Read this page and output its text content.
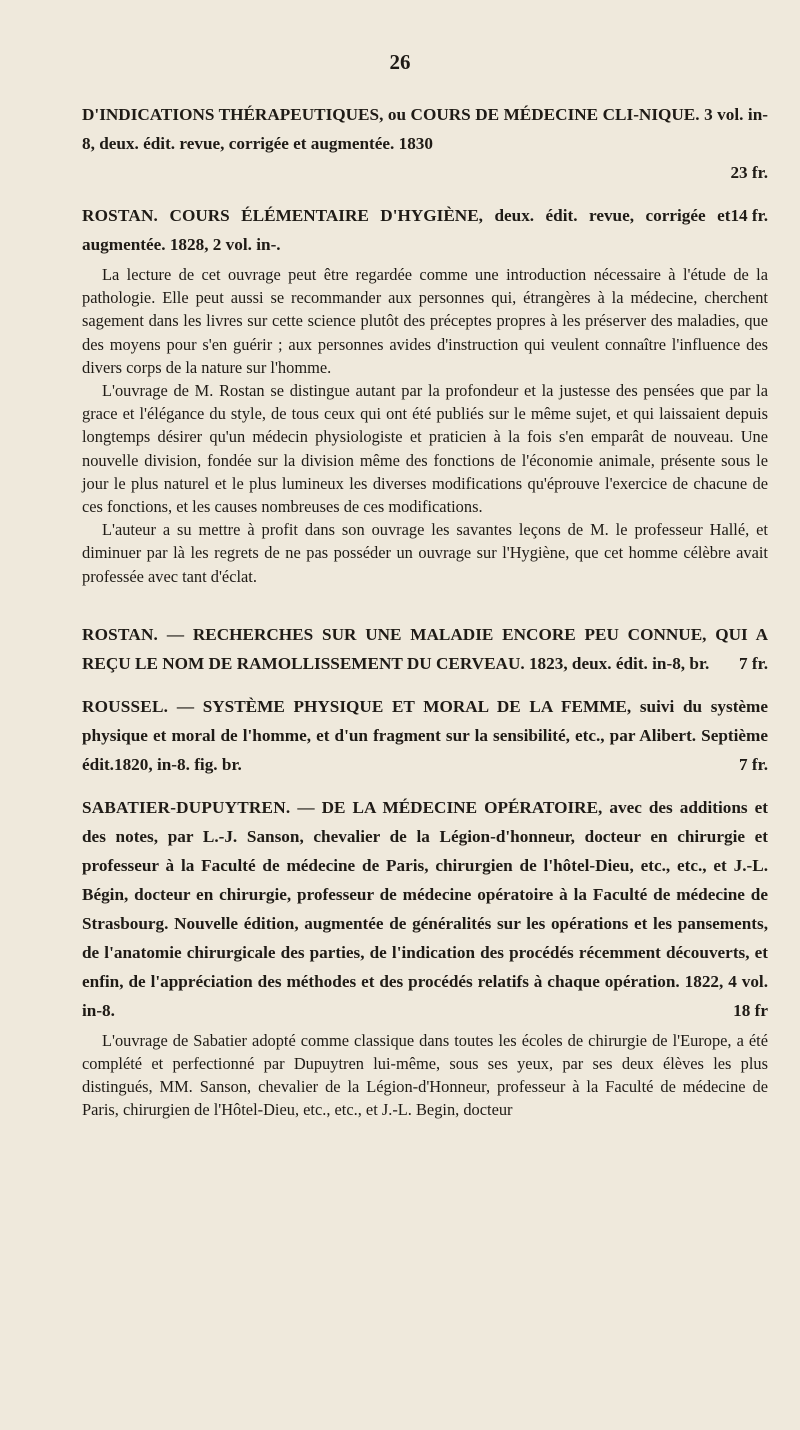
26
D'INDICATIONS THÉRAPEUTIQUES, ou COURS DE MÉDECINE CLI-NIQUE. 3 vol. in-8, deux. édit. revue, corrigée et augmentée. 1830
23 fr.
14 fr.
ROSTAN. COURS ÉLÉMENTAIRE D'HYGIÈNE, deux. édit. revue, corrigée et augmentée. 1828, 2 vol. in-.

La lecture de cet ouvrage peut être regardée comme une introduction nécessaire à l'étude de la pathologie. Elle peut aussi se recommander aux personnes qui, étrangères à la médecine, cherchent sagement dans les livres sur cette science plutôt des préceptes propres à les préserver des maladies, que des moyens pour s'en guérir ; aux personnes avides d'instruction qui veulent connaître l'influence des divers corps de la nature sur l'homme.

L'ouvrage de M. Rostan se distingue autant par la profondeur et la justesse des pensées que par la grace et l'élégance du style, de tous ceux qui ont été publiés sur le même sujet, et qui laissaient depuis longtemps désirer qu'un médecin physiologiste et praticien à la fois s'en emparât de nouveau. Une nouvelle division, fondée sur la division même des fonctions de l'économie animale, présente sous le jour le plus naturel et le plus lumineux les diverses modifications qu'éprouve l'exercice de chacune de ces fonctions, et les causes nombreuses de ces modifications.

L'auteur a su mettre à profit dans son ouvrage les savantes leçons de M. le professeur Hallé, et diminuer par là les regrets de ne pas posséder un ouvrage sur l'Hygiène, que cet homme célèbre avait professée avec tant d'éclat.

ROSTAN. — RECHERCHES SUR UNE MALADIE ENCORE PEU CONNUE, QUI A REÇU LE NOM DE RAMOLLISSEMENT DU CERVEAU. 1823, deux. édit. in-8, br. 7 fr.
ROUSSEL. — SYSTÈME PHYSIQUE ET MORAL DE LA FEMME, suivi du système physique et moral de l'homme, et d'un fragment sur la sensibilité, etc., par Alibert. Septième édit.1820, in-8. fig. br.	7 fr.
SABATIER-DUPUYTREN. — DE LA MÉDECINE OPÉRATOIRE, avec des additions et des notes, par L.-J. Sanson, chevalier de la Légion-d'honneur, docteur en chirurgie et professeur à la Faculté de médecine de Paris, chirurgien de l'hôtel-Dieu, etc., etc., et J.-L. Bégin, docteur en chirurgie, professeur de médecine opératoire à la Faculté de médecine de Strasbourg. Nouvelle édition, augmentée de généralités sur les opérations et les pansements, de l'anatomie chirurgicale des parties, de l'indication des procédés récemment découverts, et enfin, de l'appréciation des méthodes et des procédés relatifs à chaque opération. 1822, 4 vol. in-8.	18 fr

L'ouvrage de Sabatier adopté comme classique dans toutes les écoles de chirurgie de l'Europe, a été complété et perfectionné par Dupuytren lui-même, sous ses yeux, par ses deux élèves les plus distingués, MM. Sanson, chevalier de la Légion-d'Honneur, professeur à la Faculté de médecine de Paris, chirurgien de l'Hôtel-Dieu, etc., etc., et J.-L. Begin, docteur
